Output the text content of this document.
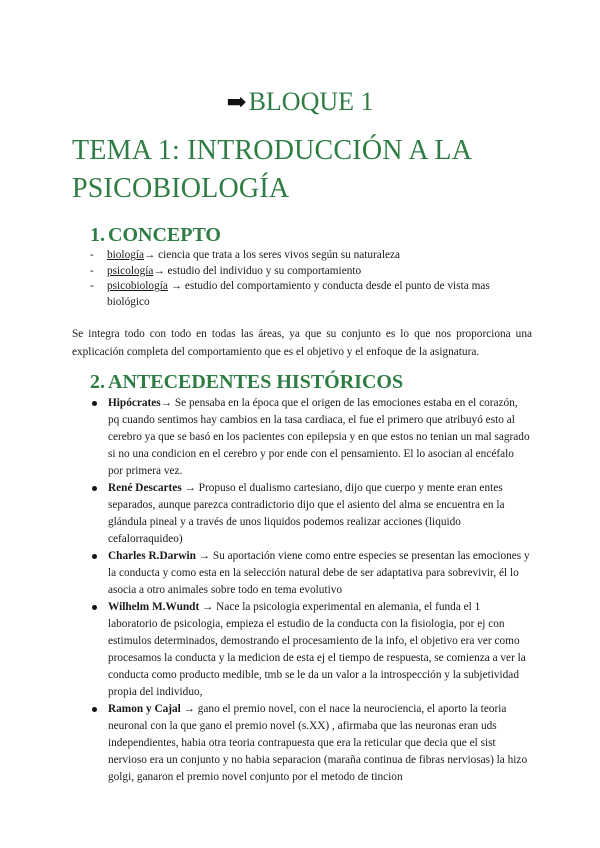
➡BLOQUE 1
TEMA 1: INTRODUCCIÓN A LA PSICOBIOLOGÍA
1. CONCEPTO
- biología→ ciencia que trata a los seres vivos según su naturaleza
- psicología→ estudio del individuo y su comportamiento
- psicobiología → estudio del comportamiento y conducta desde el punto de vista mas biológico
Se integra todo con todo en todas las áreas, ya que su conjunto es lo que nos proporciona una explicación completa del comportamiento que es el objetivo y el enfoque de la asignatura.
2. ANTECEDENTES HISTÓRICOS
Hipócrates→ Se pensaba en la época que el origen de las emociones estaba en el corazón, pq cuando sentimos hay cambios en la tasa cardiaca, el fue el primero que atribuyó esto al cerebro ya que se basó en los pacientes con epilepsia y en que estos no tenian un mal sagrado si no una condicion en el cerebro y por ende con el pensamiento. El lo asocian al encéfalo por primera vez.
René Descartes → Propuso el dualismo cartesiano, dijo que cuerpo y mente eran entes separados, aunque parezca contradictorio dijo que el asiento del alma se encuentra en la glándula pineal y a través de unos liquidos podemos realizar acciones (liquido cefalorraquideo)
Charles R.Darwin → Su aportación viene como entre especies se presentan las emociones y la conducta y como esta en la selección natural debe de ser adaptativa para sobrevivir, él lo asocia a otro animales sobre todo en tema evolutivo
Wilhelm M.Wundt → Nace la psicologia experimental en alemania, el funda el 1 laboratorio de psicologia, empieza el estudio de la conducta con la fisiologia, por ej con estimulos determinados, demostrando el procesamiento de la info, el objetivo era ver como procesamos la conducta y la medicion de esta ej el tiempo de respuesta, se comienza a ver la conducta como producto medible, tmb se le da un valor a la introspección y la subjetividad propia del individuo,
Ramon y Cajal → gano el premio novel, con el nace la neurociencia, el aporto la teoria neuronal con la que gano el premio novel (s.XX) , afirmaba que las neuronas eran uds independientes, habia otra teoria contrapuesta que era la reticular que decia que el sist nervioso era un conjunto y no habia separacion (maraña continua de fibras nerviosas) la hizo golgi, ganaron el premio novel conjunto por el metodo de tincion
